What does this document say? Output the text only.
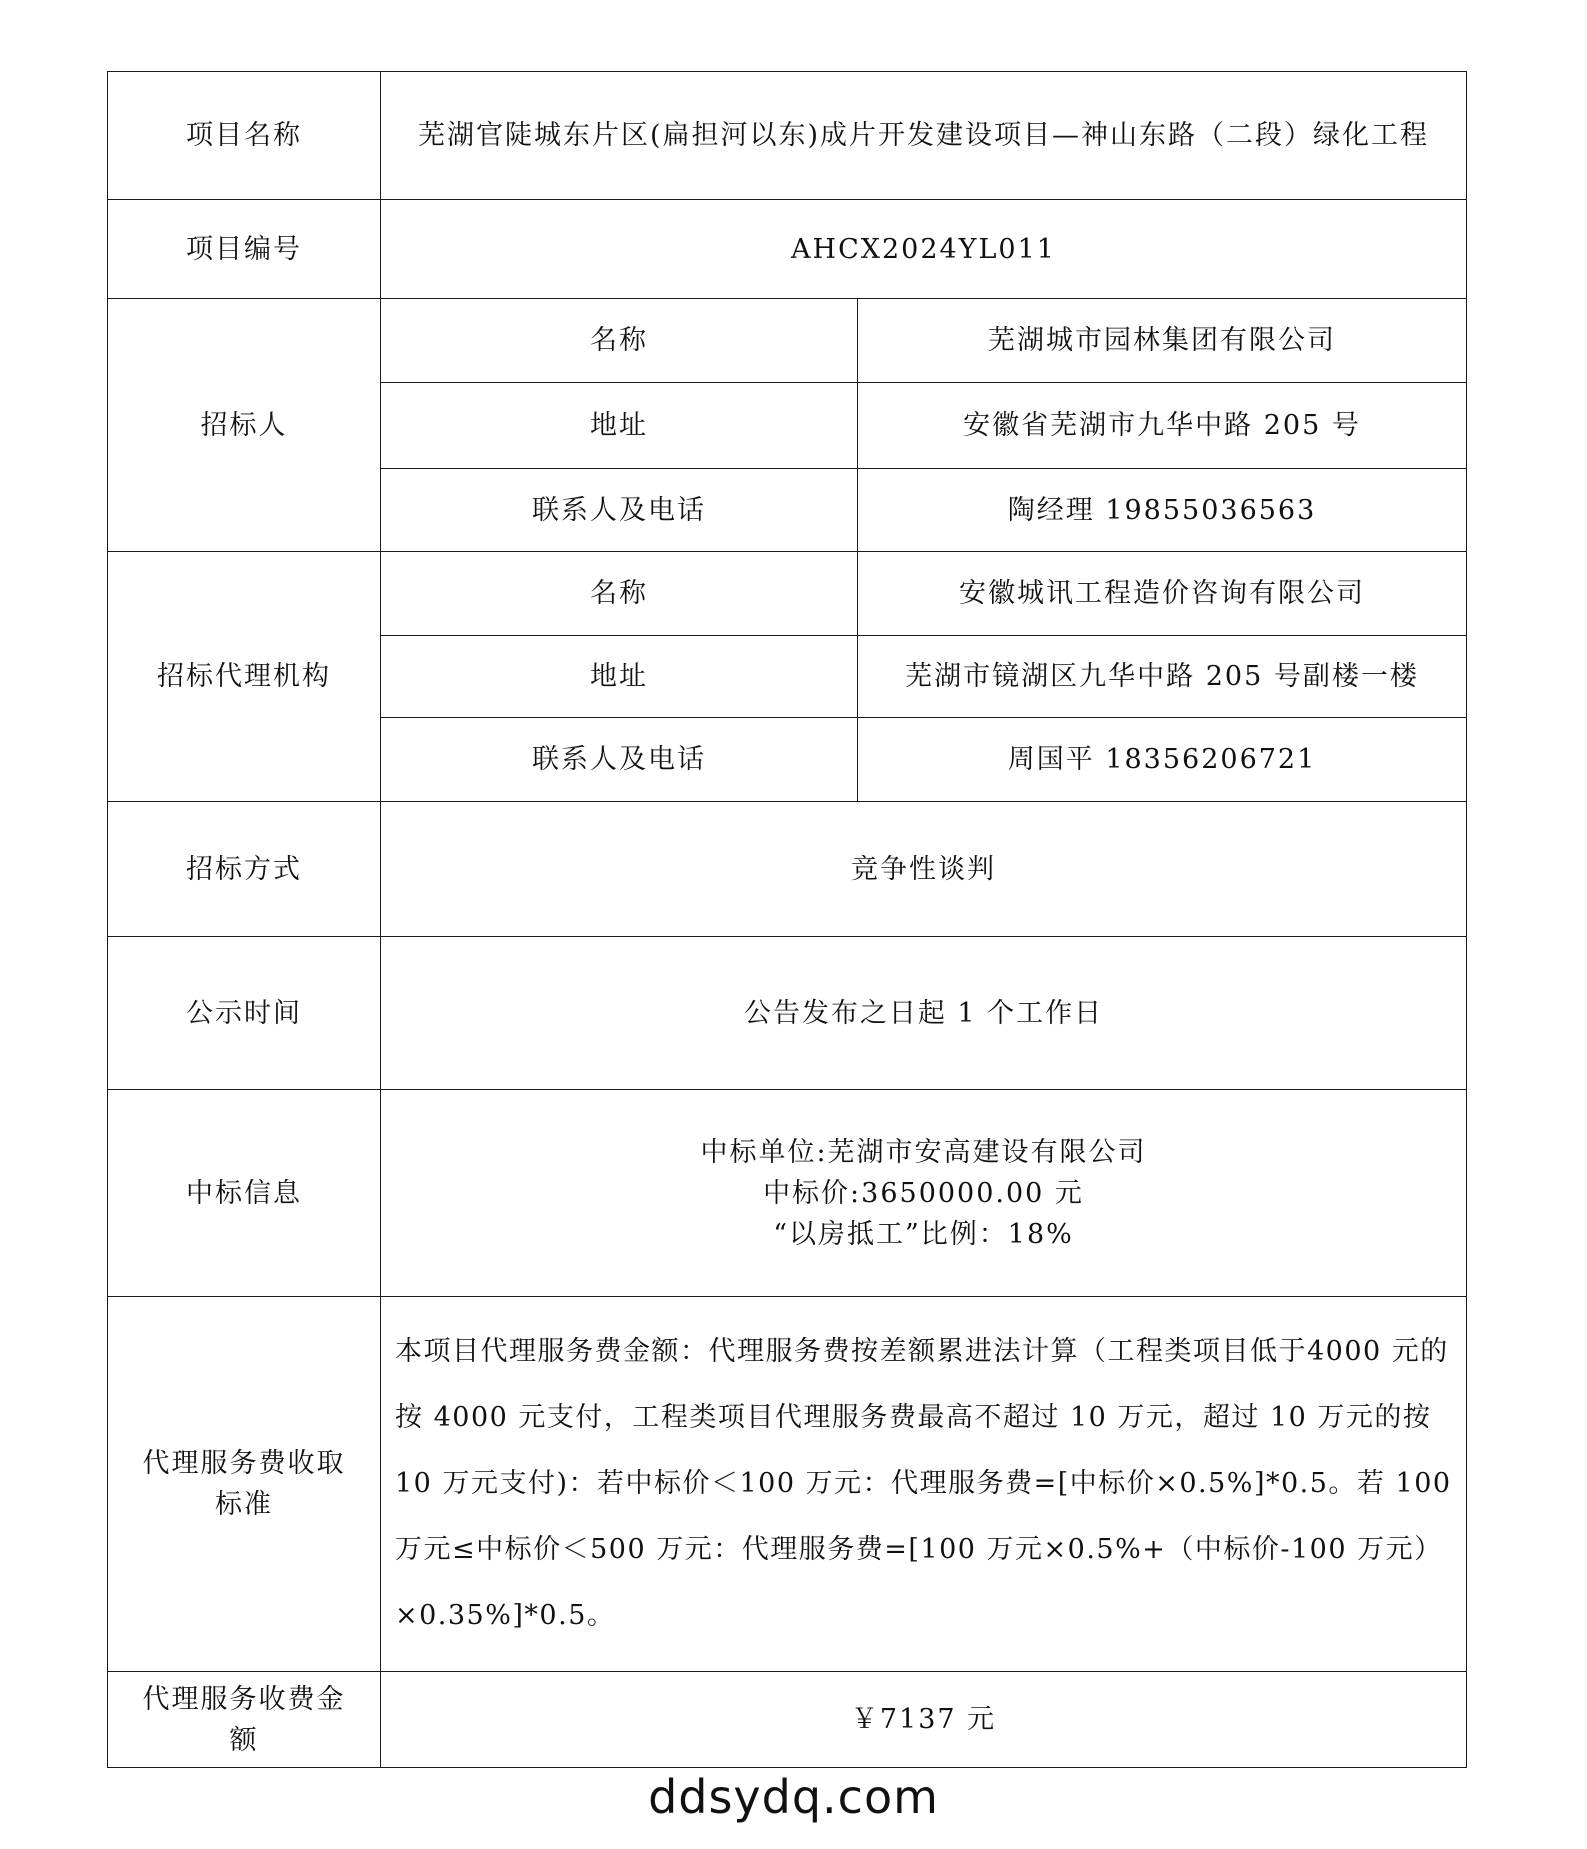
项目名称	芜湖官陡城东片区(扁担河以东)成片开发建设项目—神山东路（二段）绿化工程	
项目编号	AHCX2024YL011	
招标人	名称	芜湖城市园林集团有限公司
	地址	安徽省芜湖市九华中路 205 号
	联系人及电话	陶经理 19855036563
招标代理机构	名称	安徽城讯工程造价咨询有限公司
	地址	芜湖市镜湖区九华中路 205 号副楼一楼
	联系人及电话	周国平 18356206721
招标方式	竞争性谈判	
公示时间	公告发布之日起 1 个工作日	
中标信息	中标单位:芜湖市安高建设有限公司
中标价:3650000.00 元
“以房抵工”比例：18%	

代理服务费收取
标准	本项目代理服务费金额：代理服务费按差额累进法计算（工程类项目低于4000 元的按 4000 元支付，工程类项目代理服务费最高不超过 10 万元，超过 10 万元的按 10 万元支付)：若中标价＜100 万元：代理服务费=[中标价×0.5%]*0.5。若 100 万元≤中标价＜500 万元：代理服务费=[100 万元×0.5%+（中标价-100 万元）×0.35%]*0.5。	

代理服务收费金
额	￥7137 元	
ddsydq.com
